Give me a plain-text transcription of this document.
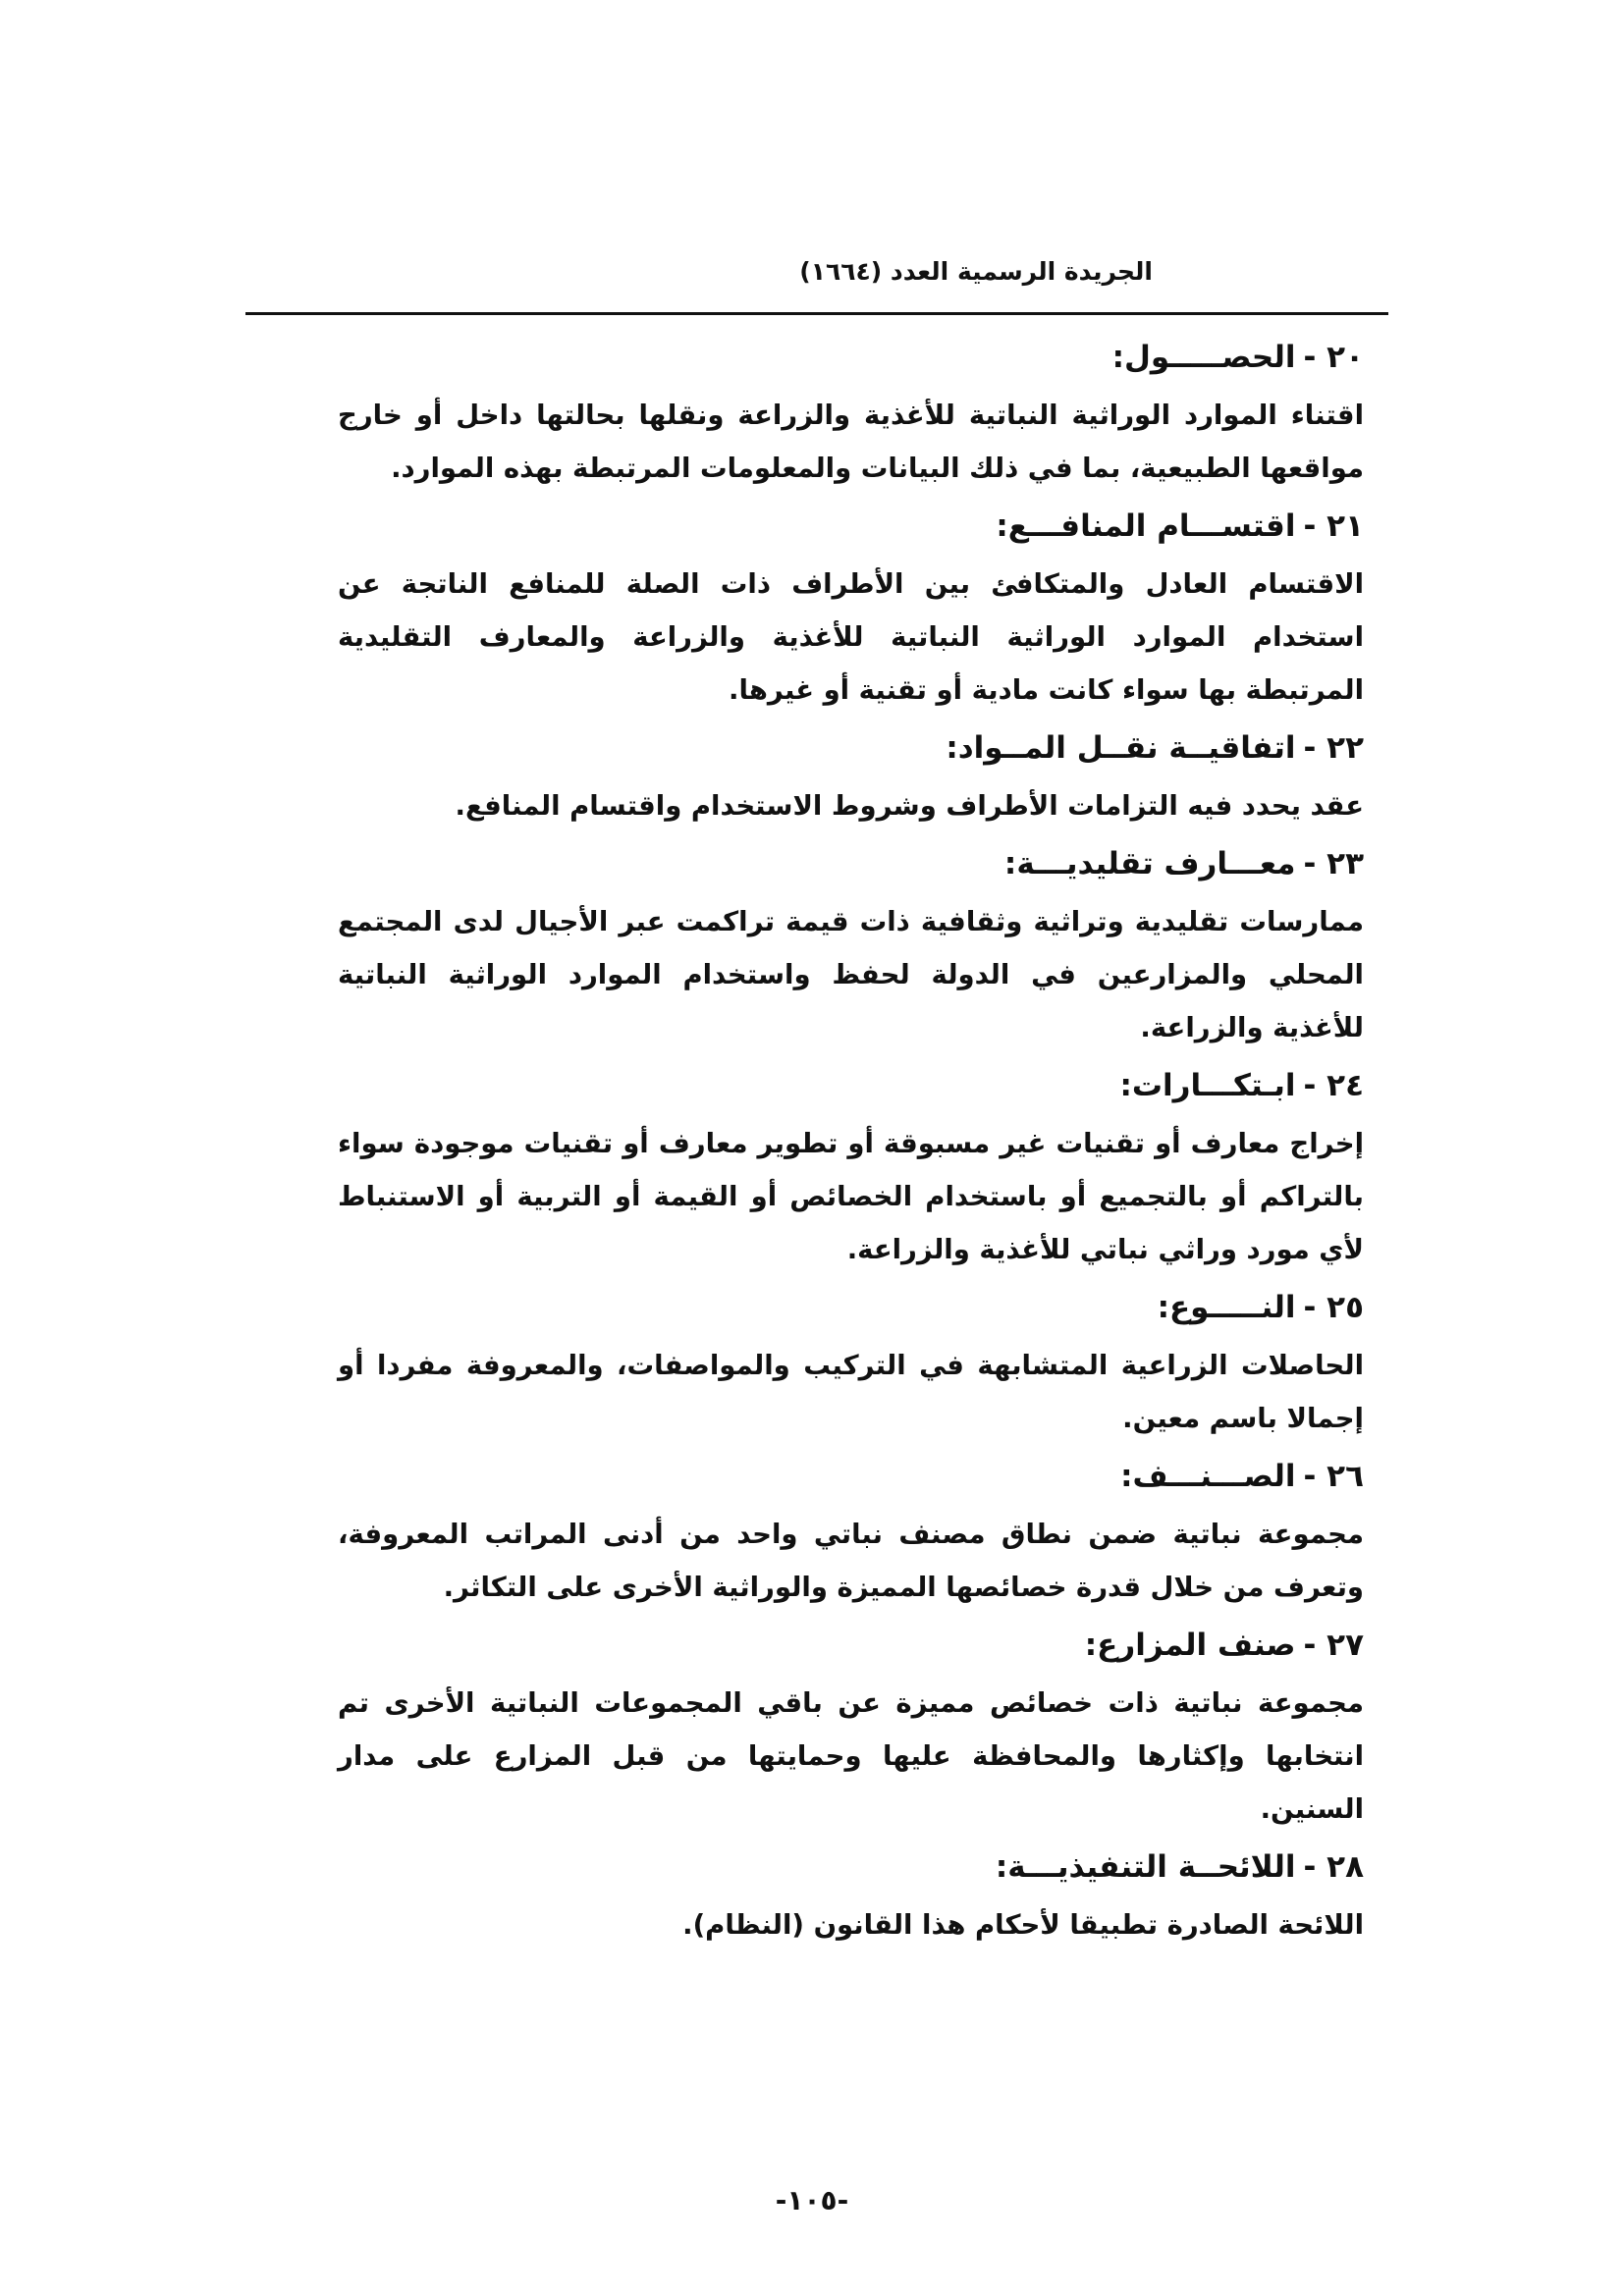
الجريدة الرسمية العدد (١٦٦٤)
٢٠ -الحصـــــول:
اقتناء الموارد الوراثية النباتية للأغذية والزراعة ونقلها بحالتها داخل أو خارج مواقعها الطبيعية، بما في ذلك البيانات والمعلومات المرتبطة بهذه الموارد.
٢١ -اقتســـام المنافـــع:
الاقتسام العادل والمتكافئ بين الأطراف ذات الصلة للمنافع الناتجة عن استخدام الموارد الوراثية النباتية للأغذية والزراعة والمعارف التقليدية المرتبطة بها سواء كانت مادية أو تقنية أو غيرها.
٢٢ -اتفاقيــة نقــل المــواد:
عقد يحدد فيه التزامات الأطراف وشروط الاستخدام واقتسام المنافع.
٢٣ -معـــارف تقليديـــة:
ممارسات تقليدية وتراثية وثقافية ذات قيمة تراكمت عبر الأجيال لدى المجتمع المحلي والمزارعين في الدولة لحفظ واستخدام الموارد الوراثية النباتية للأغذية والزراعة.
٢٤ -ابـتكـــارات:
إخراج معارف أو تقنيات غير مسبوقة أو تطوير معارف أو تقنيات موجودة سواء بالتراكم أو بالتجميع أو باستخدام الخصائص أو القيمة أو التربية أو الاستنباط لأي مورد وراثي نباتي للأغذية والزراعة.
٢٥ -النـــــوع:
الحاصلات الزراعية المتشابهة في التركيب والمواصفات، والمعروفة مفردا أو إجمالا باسم معين.
٢٦ -الصـــنـــف:
مجموعة نباتية ضمن نطاق مصنف نباتي واحد من أدنى المراتب المعروفة، وتعرف من خلال قدرة خصائصها المميزة والوراثية الأخرى على التكاثر.
٢٧ -صنف المزارع:
مجموعة نباتية ذات خصائص مميزة عن باقي المجموعات النباتية الأخرى تم انتخابها وإكثارها والمحافظة عليها وحمايتها من قبل المزارع على مدار السنين.
٢٨ -اللائحــة التنفيذيـــة:
اللائحة الصادرة تطبيقا لأحكام هذا القانون (النظام).
-١٠٥-
